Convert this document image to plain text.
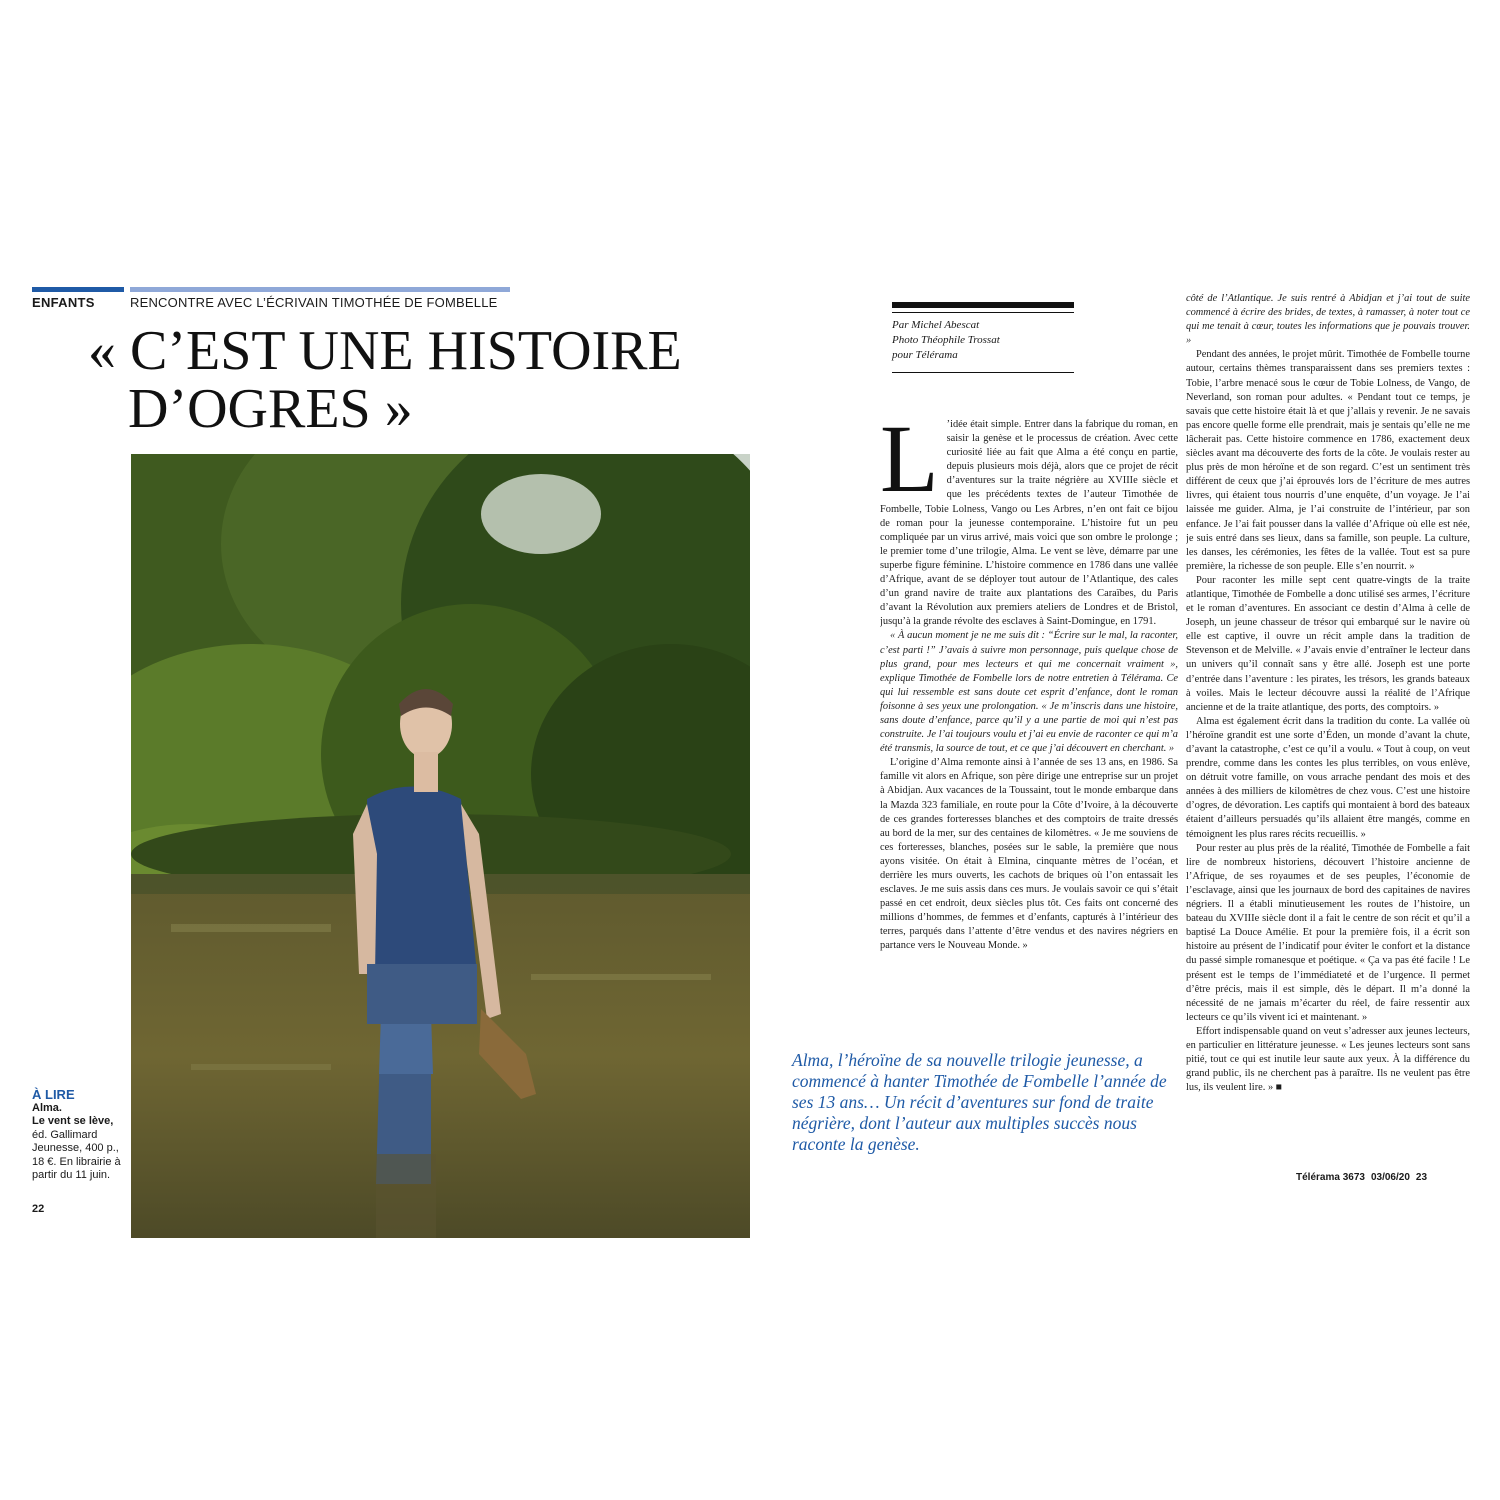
ENFANTS	RENCONTRE AVEC L’ÉCRIVAIN TIMOTHÉE DE FOMBELLE
« C’EST UNE HISTOIRE
D’OGRES »
À LIRE
Alma.
Le vent se lève,
éd. Gallimard Jeunesse, 400 p., 18 €. En librairie à partir du 11 juin.
22
Par Michel Abescat
Photo Théophile Trossat
pour Télérama
L ’idée était simple. Entrer dans la fabrique du roman, en saisir la genèse et le processus de création. Avec cette curiosité liée au fait que Alma a été conçu en partie, depuis plusieurs mois déjà, alors que ce projet de récit d’aventures sur la traite négrière au XVIIIe siècle et que les précédents textes de l’auteur Timothée de Fombelle, Tobie Lolness, Vango ou Les Arbres, n’en ont fait ce bijou de roman pour la jeunesse contemporaine. L’histoire fut un peu compliquée par un virus arrivé, mais voici que son ombre le prolonge ; le premier tome d’une trilogie, Alma. Le vent se lève, démarre par une superbe figure féminine. L’histoire commence en 1786 dans une vallée d’Afrique, avant de se déployer tout autour de l’Atlantique, des cales d’un grand navire de traite aux plantations des Caraïbes, du Paris d’avant la Révolution aux premiers ateliers de Londres et de Bristol, jusqu’à la grande révolte des esclaves à Saint-Domingue, en 1791.

« À aucun moment je ne me suis dit : “Écrire sur le mal, la raconter, c’est parti !” J’avais à suivre mon personnage, puis quelque chose de plus grand, pour mes lecteurs et qui me concernait vraiment », explique Timothée de Fombelle lors de notre entretien à Télérama. Ce qui lui ressemble est sans doute cet esprit d’enfance, dont le roman foisonne à ses yeux une prolongation. « Je m’inscris dans une histoire, sans doute d’enfance, parce qu’il y a une partie de moi qui n’est pas construite. Je l’ai toujours voulu et j’ai eu envie de raconter ce qui m’a été transmis, la source de tout, et ce que j’ai découvert en cherchant. »

L’origine d’Alma remonte ainsi à l’année de ses 13 ans, en 1986. Sa famille vit alors en Afrique, son père dirige une entreprise sur un projet à Abidjan. Aux vacances de la Toussaint, tout le monde embarque dans la Mazda 323 familiale, en route pour la Côte d’Ivoire, à la découverte de ces grandes forteresses blanches et des comptoirs de traite dressés au bord de la mer, sur des centaines de kilomètres. « Je me souviens de ces forteresses, blanches, posées sur le sable, la première que nous ayons visitée. On était à Elmina, cinquante mètres de l’océan, et derrière les murs ouverts, les cachots de briques où l’on entassait les esclaves. Je me suis assis dans ces murs. Je voulais savoir ce qui s’était passé en cet endroit, deux siècles plus tôt. Ces faits ont concerné des millions d’hommes, de femmes et d’enfants, capturés à l’intérieur des terres, parqués dans l’attente d’être vendus et des navires négriers en partance vers le Nouveau Monde. »

côté de l’Atlantique. Je suis rentré à Abidjan et j’ai tout de suite commencé à écrire des brides, de textes, à ramasser, à noter tout ce qui me tenait à cœur, toutes les informations que je pouvais trouver. »

Pendant des années, le projet mûrit. Timothée de Fombelle tourne autour, certains thèmes transparaissent dans ses premiers textes : Tobie, l’arbre menacé sous le cœur de Tobie Lolness, de Vango, de Neverland, son roman pour adultes. « Pendant tout ce temps, je savais que cette histoire était là et que j’allais y revenir. Je ne savais pas encore quelle forme elle prendrait, mais je sentais qu’elle ne me lâcherait pas. Cette histoire commence en 1786, exactement deux siècles avant ma découverte des forts de la côte. Je voulais rester au plus près de mon héroïne et de son regard. C’est un sentiment très différent de ceux que j’ai éprouvés lors de l’écriture de mes autres livres, qui étaient tous nourris d’une enquête, d’un voyage. Je l’ai laissée me guider. Alma, je l’ai construite de l’intérieur, par son enfance. Je l’ai fait pousser dans la vallée d’Afrique où elle est née, je suis entré dans ses lieux, dans sa famille, son peuple. La culture, les danses, les cérémonies, les fêtes de la vallée. Tout est sa pure première, la richesse de son peuple. Elle s’en nourrit. »

Pour raconter les mille sept cent quatre-vingts de la traite atlantique, Timothée de Fombelle a donc utilisé ses armes, l’écriture et le roman d’aventures. En associant ce destin d’Alma à celle de Joseph, un jeune chasseur de trésor qui embarqué sur le navire où elle est captive, il ouvre un récit ample dans la tradition de Stevenson et de Melville. « J’avais envie d’entraîner le lecteur dans un univers qu’il connaît sans y être allé. Joseph est une porte d’entrée dans l’aventure : les pirates, les trésors, les grands bateaux à voiles. Mais le lecteur découvre aussi la réalité de l’Afrique ancienne et de la traite atlantique, des ports, des comptoirs. »

Alma est également écrit dans la tradition du conte. La vallée où l’héroïne grandit est une sorte d’Éden, un monde d’avant la chute, d’avant la catastrophe, c’est ce qu’il a voulu. « Tout à coup, on veut prendre, comme dans les contes les plus terribles, on vous enlève, on détruit votre famille, on vous arrache pendant des mois et des années à des milliers de kilomètres de chez vous. C’est une histoire d’ogres, de dévoration. Les captifs qui montaient à bord des bateaux étaient d’ailleurs persuadés qu’ils allaient être mangés, comme en témoignent les plus rares récits recueillis. »

Pour rester au plus près de la réalité, Timothée de Fombelle a fait lire de nombreux historiens, découvert l’histoire ancienne de l’Afrique, de ses royaumes et de ses peuples, l’économie de l’esclavage, ainsi que les journaux de bord des capitaines de navires négriers. Il a établi minutieusement les routes de l’histoire, un bateau du XVIIIe siècle dont il a fait le centre de son récit et qu’il a baptisé La Douce Amélie. Et pour la première fois, il a écrit son histoire au présent de l’indicatif pour éviter le confort et la distance du passé simple romanesque et poétique. « Ça va pas été facile ! Le présent est le temps de l’immédiateté et de l’urgence. Il permet d’être précis, mais il est simple, dès le départ. Il m’a donné la nécessité de ne jamais m’écarter du réel, de faire ressentir aux lecteurs ce qu’ils vivent ici et maintenant. »

Effort indispensable quand on veut s’adresser aux jeunes lecteurs, en particulier en littérature jeunesse. « Les jeunes lecteurs sont sans pitié, tout ce qui est inutile leur saute aux yeux. À la différence du grand public, ils ne cherchent pas à paraître. Ils ne veulent pas être lus, ils veulent lire. » ■

Alma, l’héroïne de sa nouvelle trilogie jeunesse, a commencé à hanter Timothée de Fombelle l’année de ses 13 ans… Un récit d’aventures sur fond de traite négrière, dont l’auteur aux multiples succès nous raconte la genèse.
Télérama 3673 03/06/20 23
